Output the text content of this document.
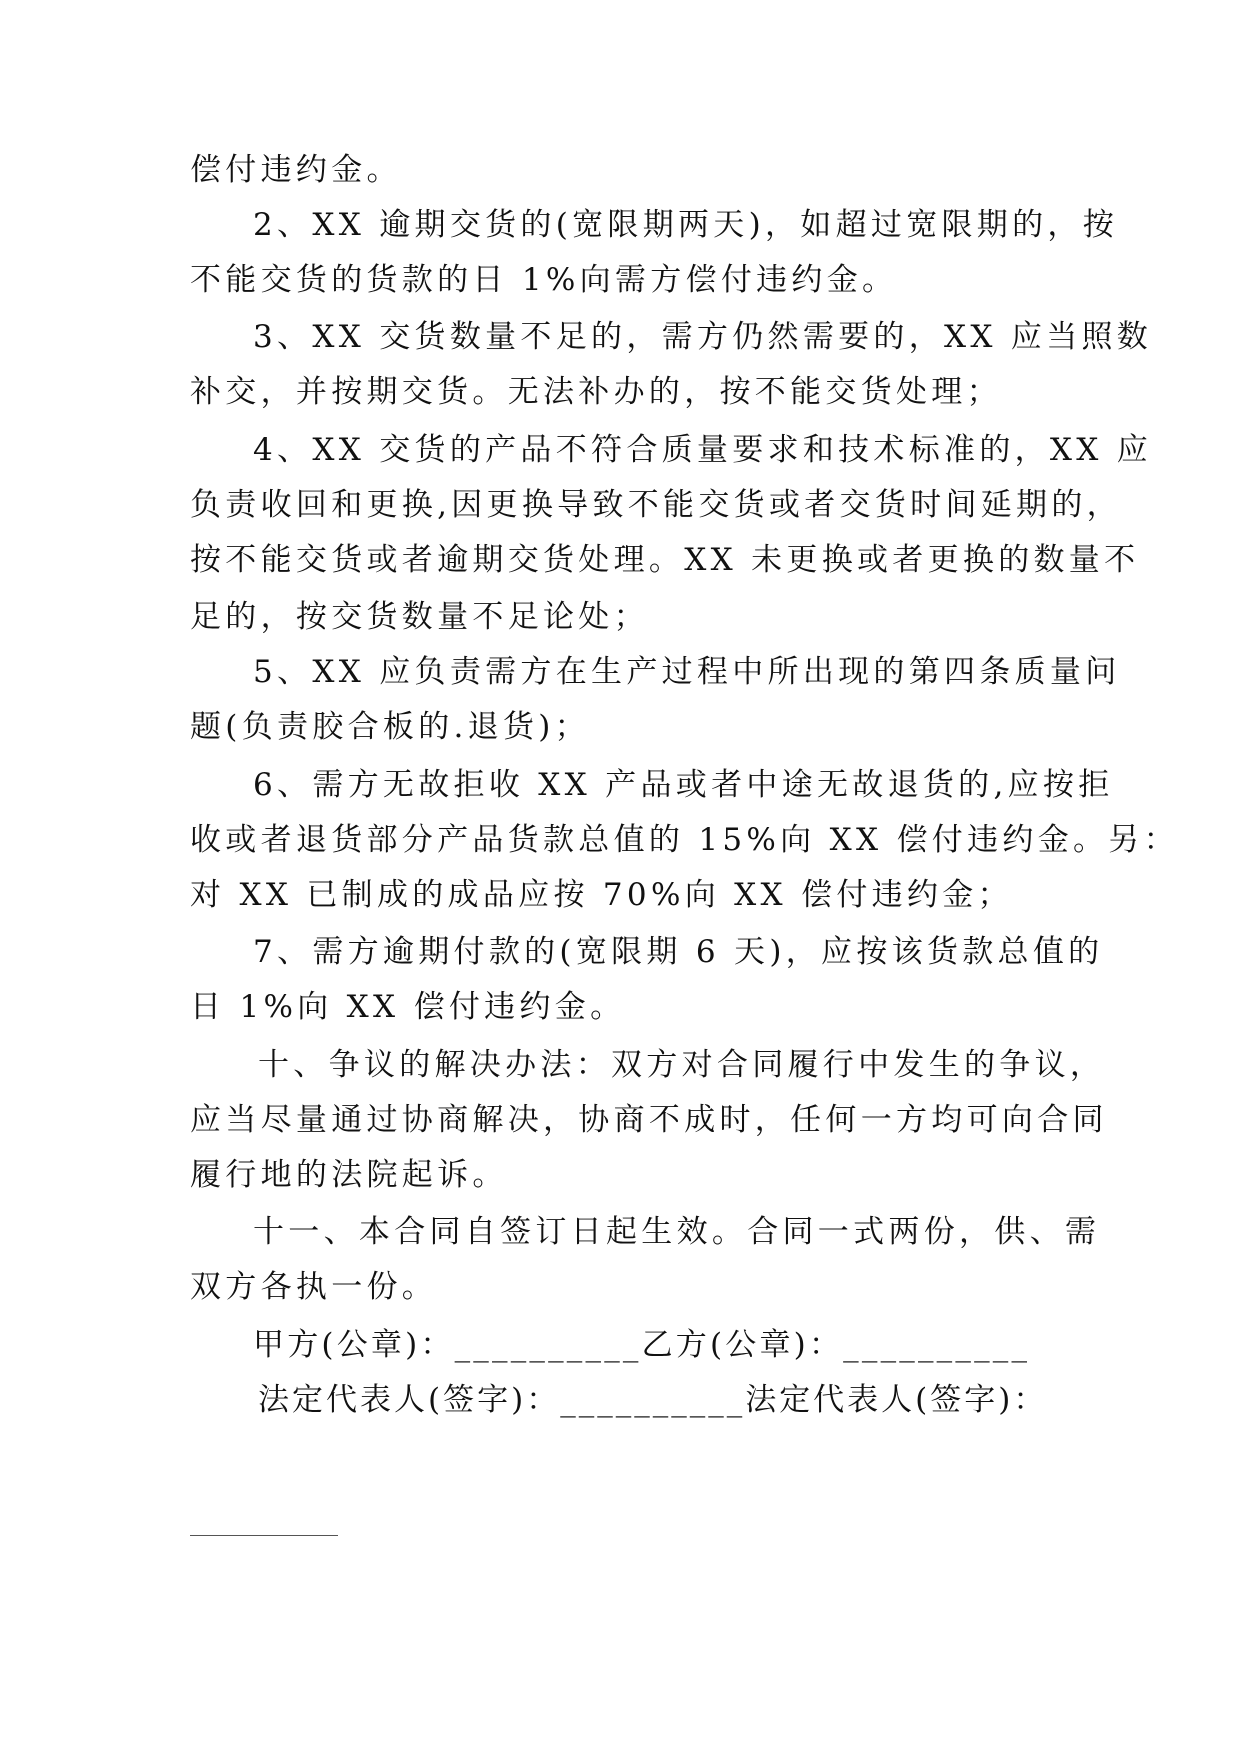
偿付违约金。
2、XX 逾期交货的(宽限期两天)，如超过宽限期的，按
不能交货的货款的日 1%向需方偿付违约金。
3、XX 交货数量不足的，需方仍然需要的，XX 应当照数
补交，并按期交货。无法补办的，按不能交货处理；
4、XX 交货的产品不符合质量要求和技术标准的，XX 应
负责收回和更换,因更换导致不能交货或者交货时间延期的，
按不能交货或者逾期交货处理。XX 未更换或者更换的数量不
足的，按交货数量不足论处；
5、XX 应负责需方在生产过程中所出现的第四条质量问
题(负责胶合板的.退货)；
6、需方无故拒收 XX 产品或者中途无故退货的,应按拒
收或者退货部分产品货款总值的 15%向 XX 偿付违约金。另：
对 XX 已制成的成品应按 70%向 XX 偿付违约金；
7、需方逾期付款的(宽限期 6 天)，应按该货款总值的
日 1%向 XX 偿付违约金。
十、争议的解决办法：双方对合同履行中发生的争议，
应当尽量通过协商解决，协商不成时，任何一方均可向合同
履行地的法院起诉。
十一、本合同自签订日起生效。合同一式两份，供、需
双方各执一份。
甲方(公章)：__________乙方(公章)：__________
法定代表人(签字)：__________法定代表人(签字)：
